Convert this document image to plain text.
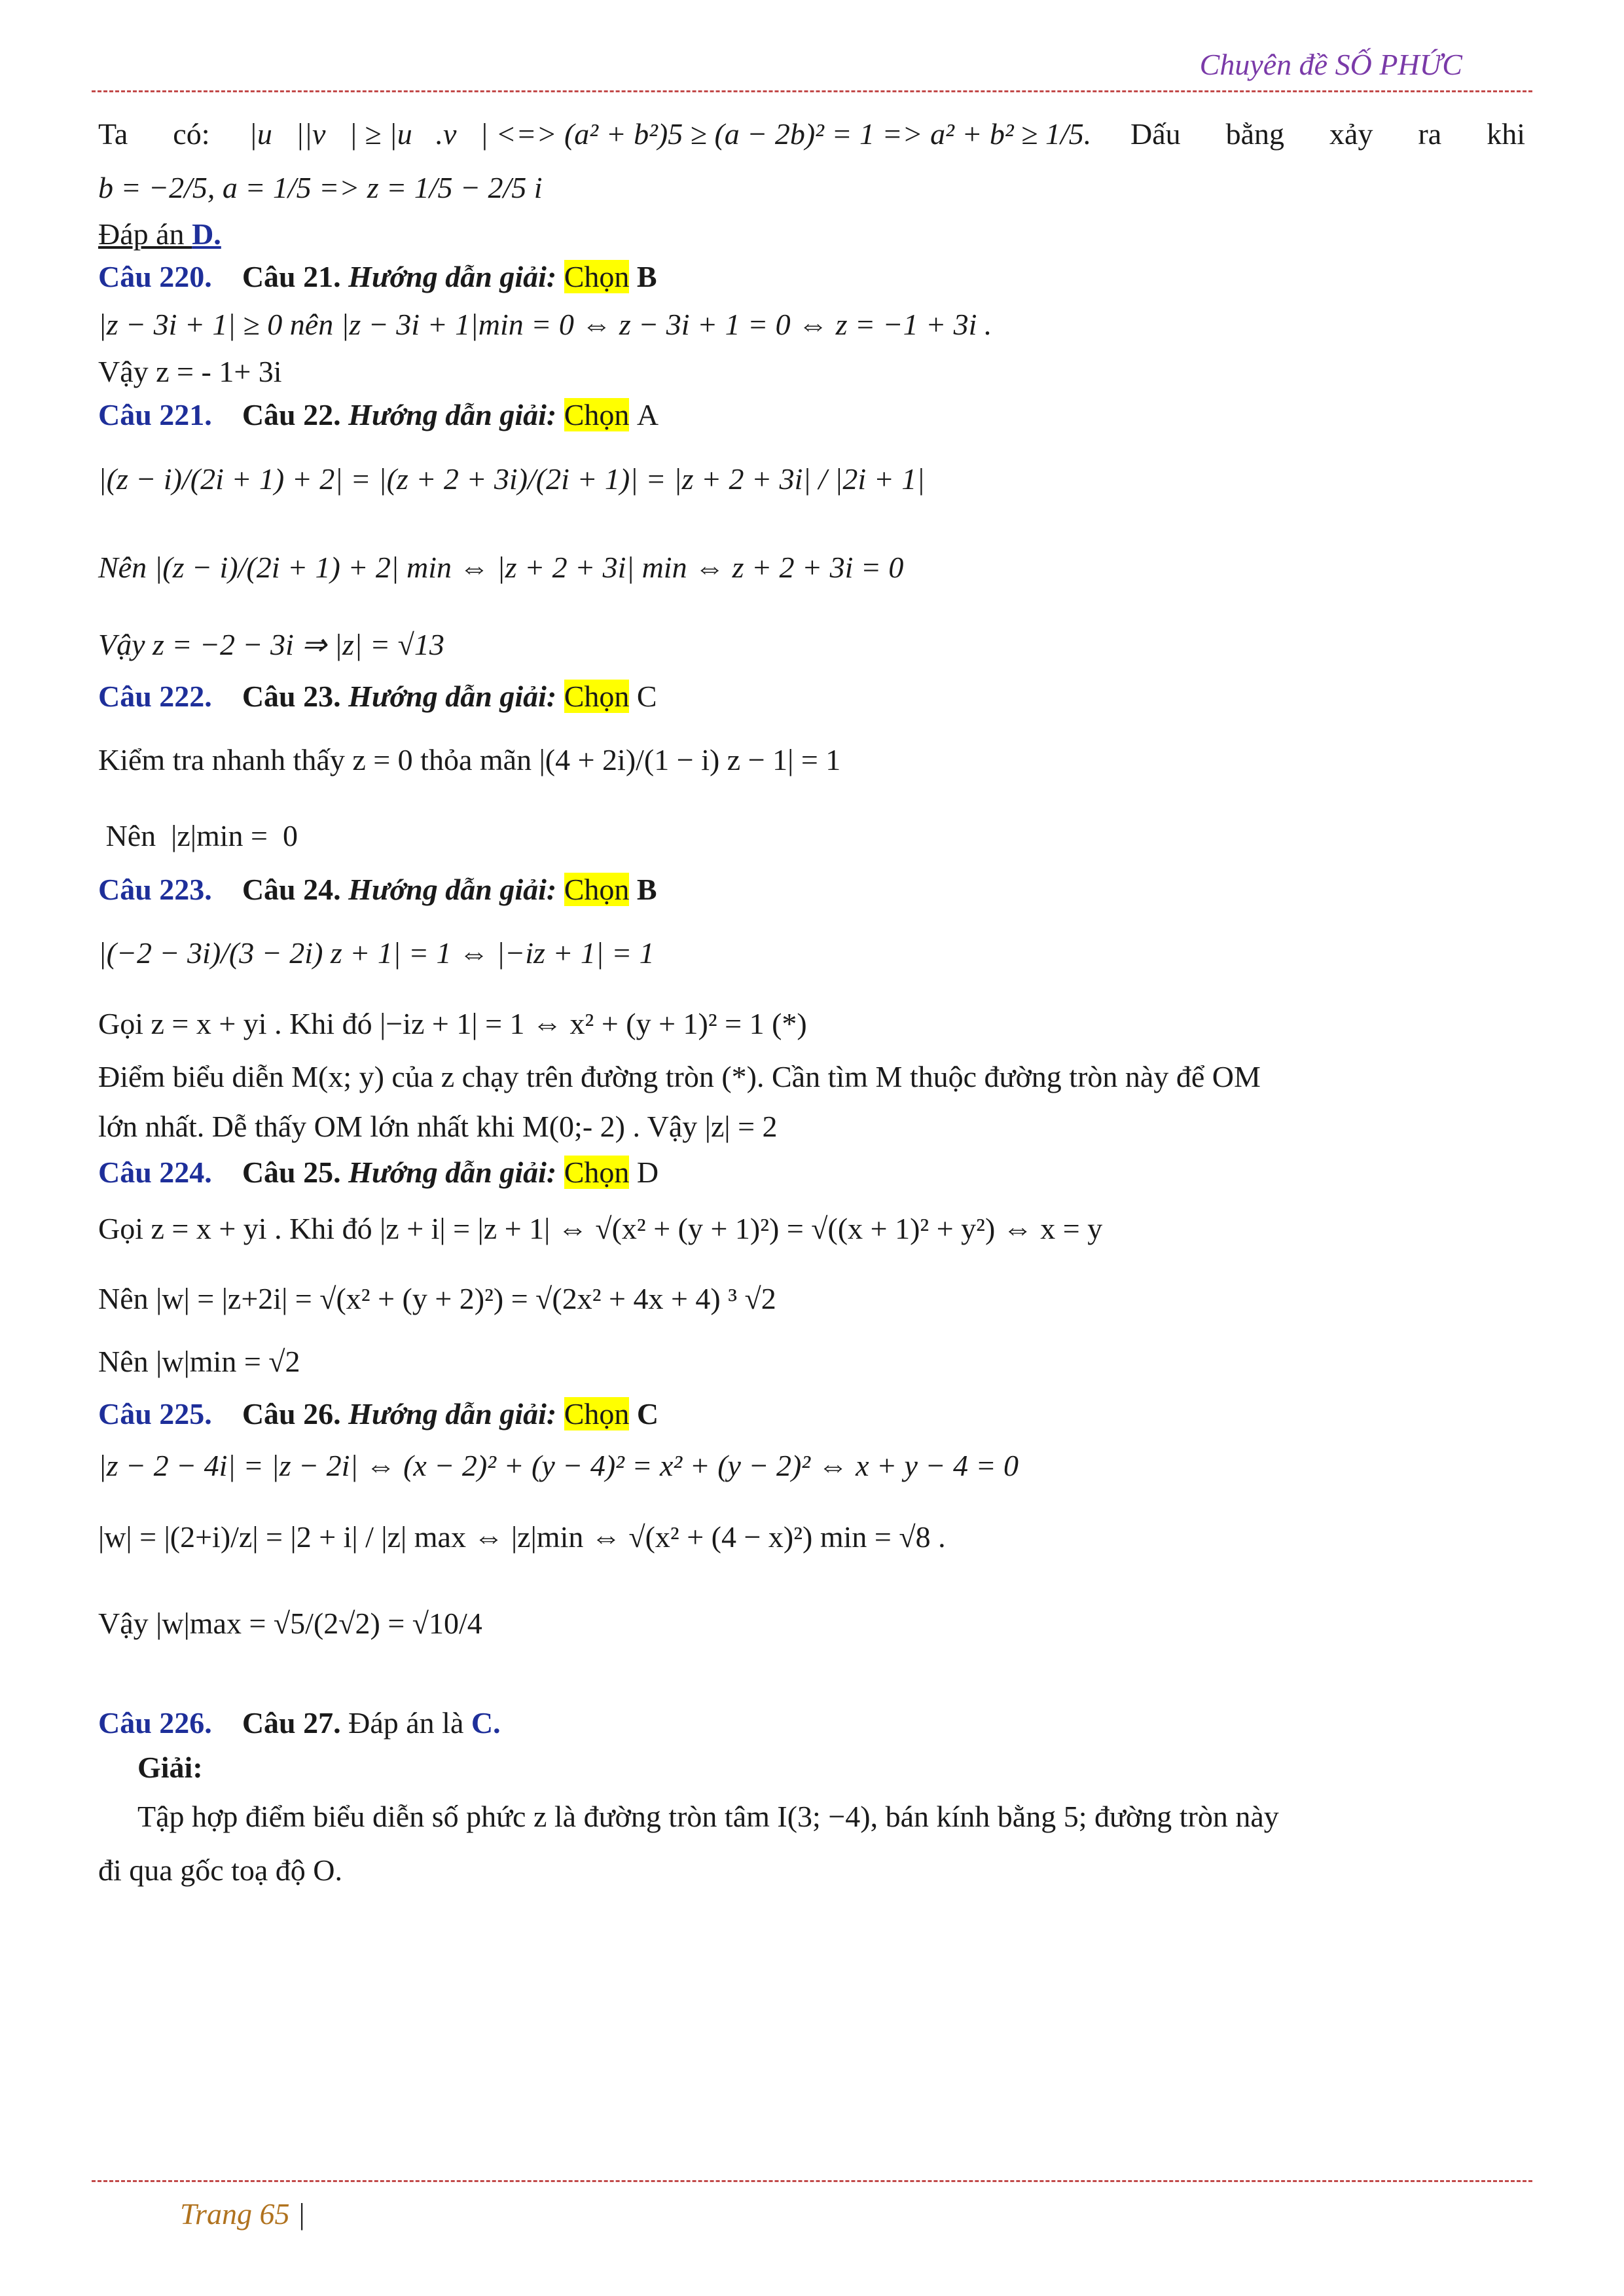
Chuyên đề SỐ PHỨC
Ta      có: |u⃗||v⃗| ≥ |u⃗.v⃗| <=> (a² + b²)5 ≥ (a − 2b)² = 1 => a² + b² ≥ 1/5. Dấu      bằng      xảy      ra      khi
b = −2/5, a = 1/5 => z = 1/5 − 2/5 i
Đáp án D.
Câu 220. Câu 21. Hướng dẫn giải: Chọn B
|z − 3i + 1| ≥ 0 nên |z − 3i + 1|min = 0 ⇔ z − 3i + 1 = 0 ⇔ z = −1 + 3i .
Vậy z = - 1+ 3i
Câu 221. Câu 22. Hướng dẫn giải: Chọn A
|(z − i)/(2i + 1) + 2| = |(z + 2 + 3i)/(2i + 1)| = |z + 2 + 3i| / |2i + 1|
Nên |(z − i)/(2i + 1) + 2| min ⇔ |z + 2 + 3i| min ⇔ z + 2 + 3i = 0
Vậy z = −2 − 3i ⇒ |z| = √13
Câu 222. Câu 23. Hướng dẫn giải: Chọn C
Kiểm tra nhanh thấy z = 0 thỏa mãn |(4 + 2i)/(1 − i) z − 1| = 1
Nên  |z|min =  0
Câu 223. Câu 24. Hướng dẫn giải: Chọn B
|(−2 − 3i)/(3 − 2i) z + 1| = 1 ⇔ |−iz + 1| = 1
Gọi z = x + yi . Khi đó |−iz + 1| = 1 ⇔ x² + (y + 1)² = 1 (*)
Điểm biểu diễn M(x; y) của z chạy trên đường tròn (*). Cần tìm M thuộc đường tròn này để OM
lớn nhất. Dễ thấy OM lớn nhất khi M(0;- 2) . Vậy |z| = 2
Câu 224. Câu 25. Hướng dẫn giải: Chọn D
Gọi z = x + yi . Khi đó |z + i| = |z + 1| ⇔ √(x² + (y + 1)²) = √((x + 1)² + y²) ⇔ x = y
Nên |w| = |z+2i| = √(x² + (y + 2)²) = √(2x² + 4x + 4) ³ √2
Nên |w|min = √2
Câu 225. Câu 26. Hướng dẫn giải: Chọn C
|z − 2 − 4i| = |z − 2i| ⇔ (x − 2)² + (y − 4)² = x² + (y − 2)² ⇔ x + y − 4 = 0
|w| = |(2+i)/z| = |2 + i| / |z| max ⇔ |z|min ⇔ √(x² + (4 − x)²) min = √8 .
Vậy |w|max = √5/(2√2) = √10/4
Câu 226. Câu 27. Đáp án là C.
Giải:
Tập hợp điểm biểu diễn số phức z là đường tròn tâm I(3; −4), bán kính bằng 5; đường tròn này
đi qua gốc toạ độ O.
Trang 65 |
